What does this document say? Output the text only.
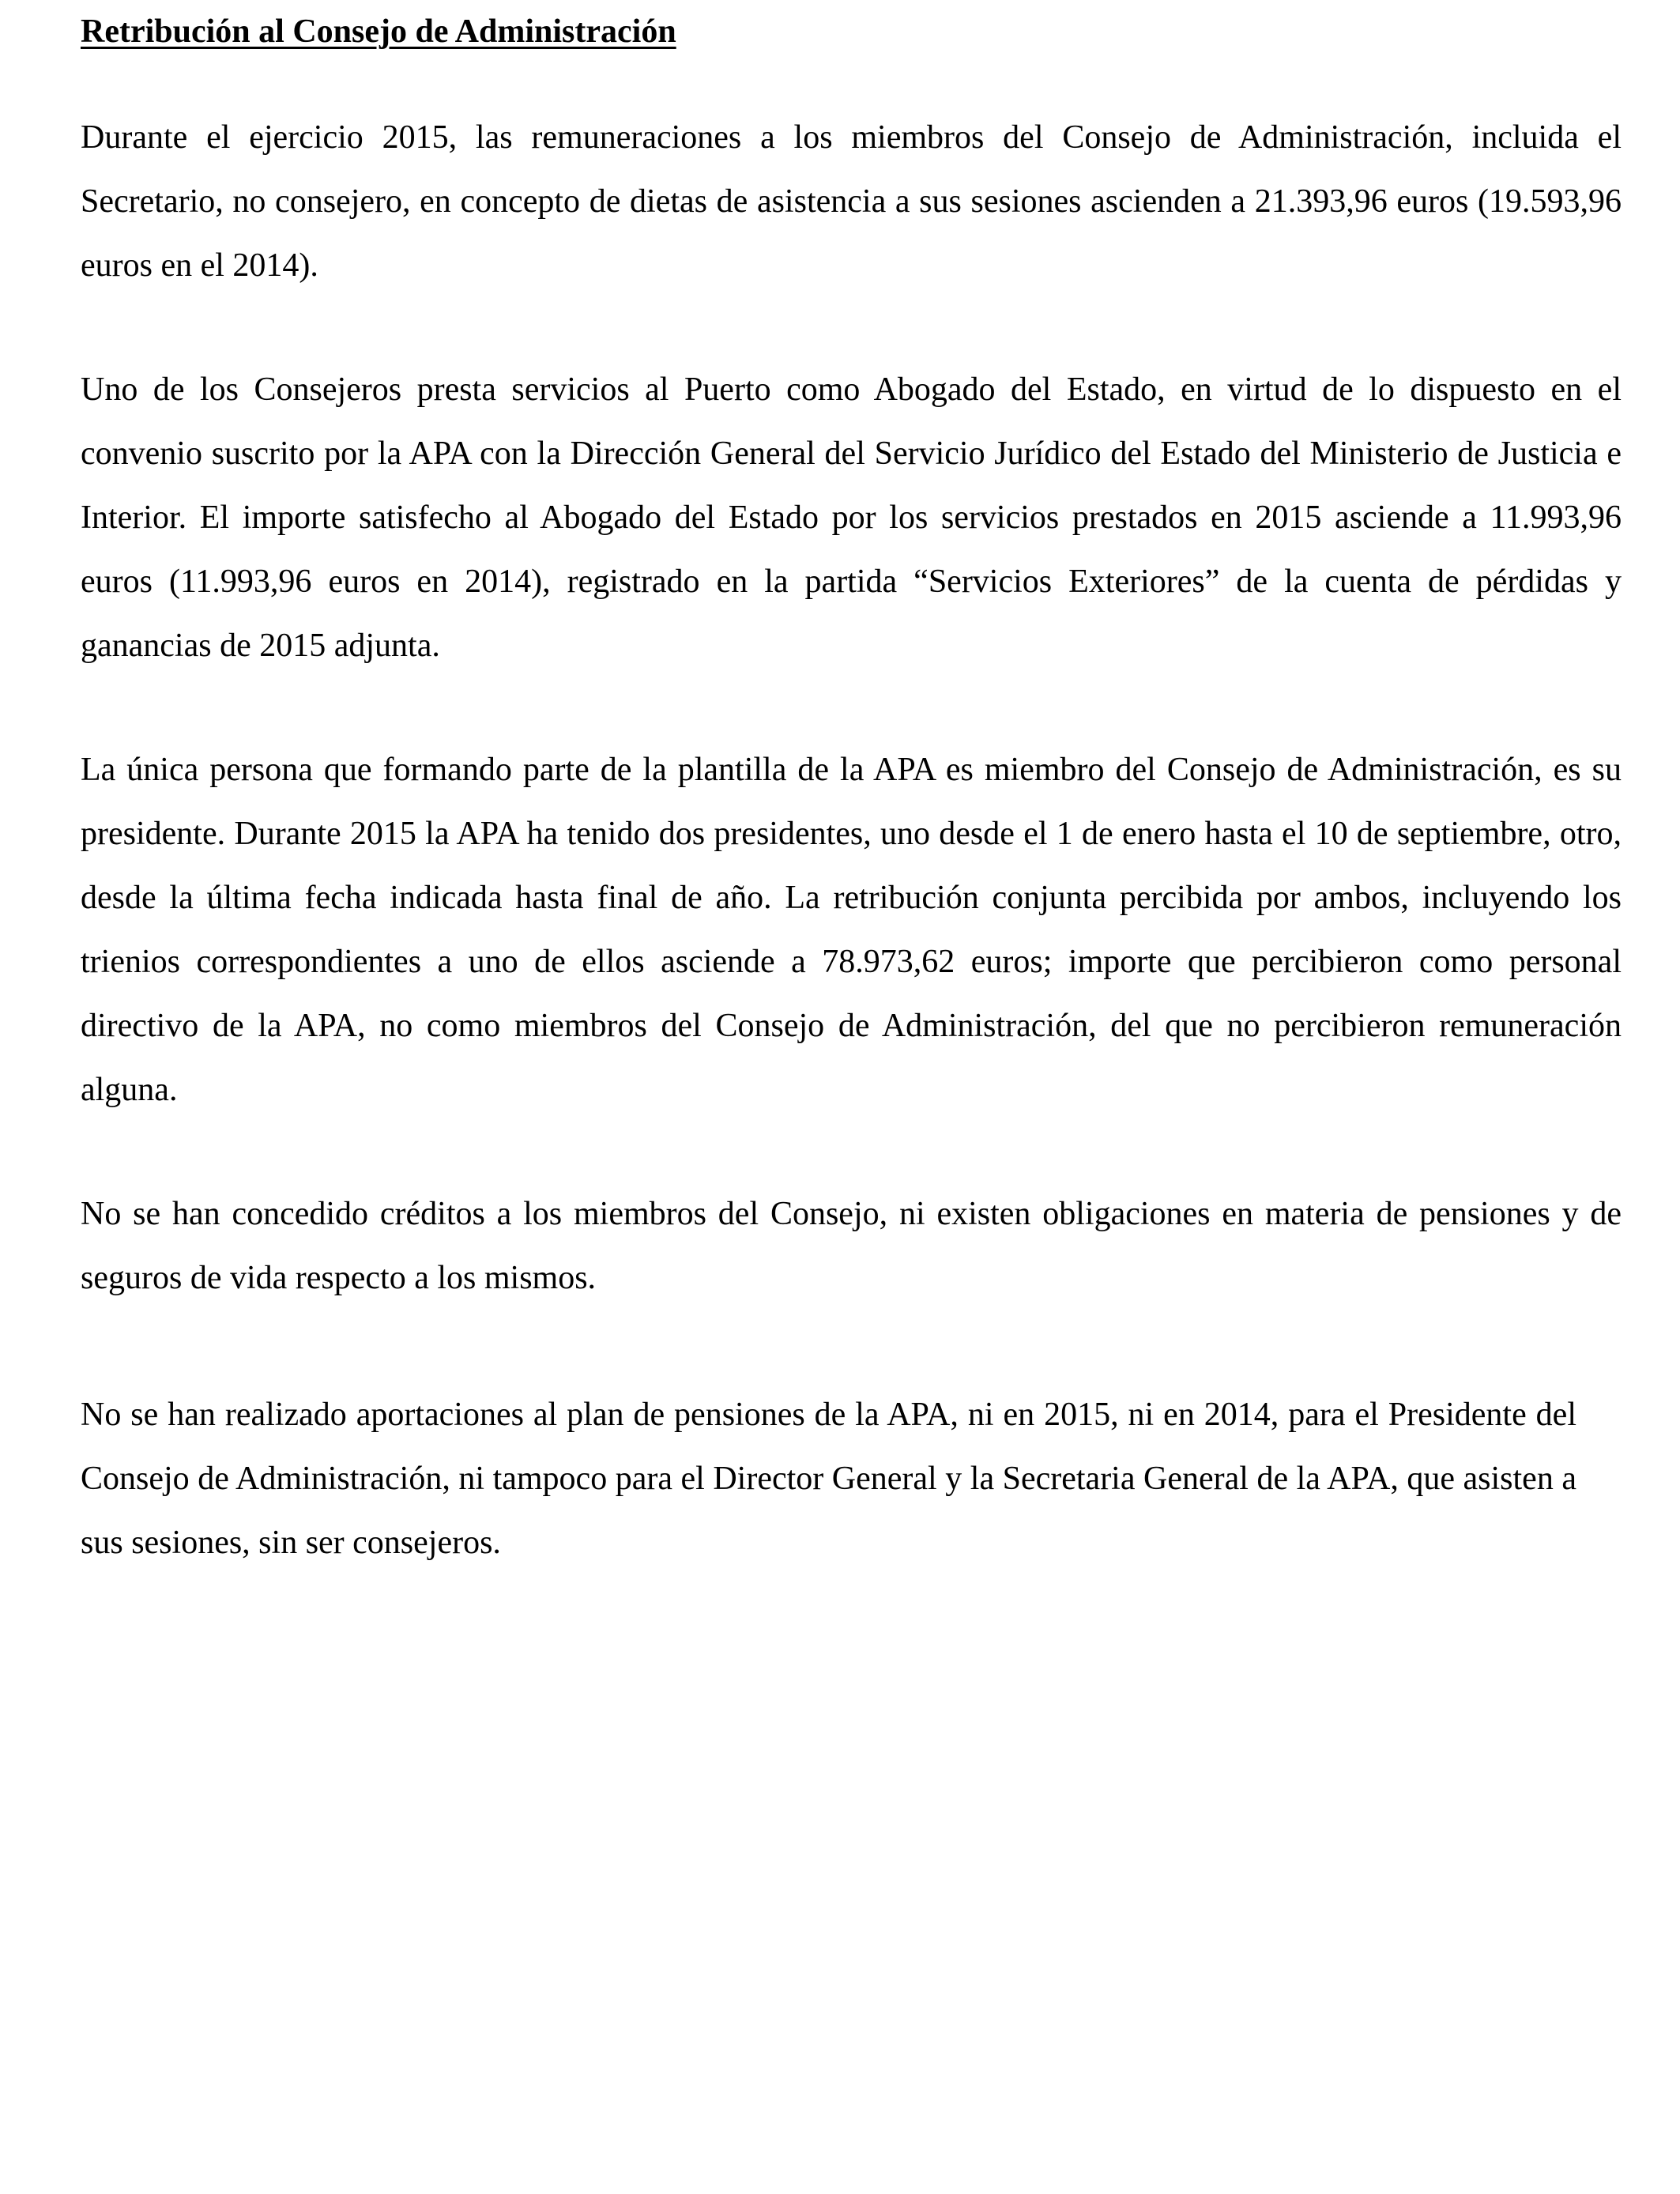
Retribución al Consejo de Administración

Durante el ejercicio 2015, las remuneraciones a los miembros del Consejo de Administración, incluida el Secretario, no consejero, en concepto de dietas de asistencia a sus sesiones ascienden a 21.393,96 euros (19.593,96 euros en el 2014).

Uno de los Consejeros presta servicios al Puerto como Abogado del Estado, en virtud de lo dispuesto en el convenio suscrito por la APA con la Dirección General del Servicio Jurídico del Estado del Ministerio de Justicia e Interior. El importe satisfecho al Abogado del Estado por los servicios prestados en 2015 asciende a 11.993,96 euros (11.993,96 euros en 2014), registrado en la partida “Servicios Exteriores” de la cuenta de pérdidas y ganancias de 2015 adjunta.

La única persona que formando parte de la plantilla de la APA es miembro del Consejo de Administración, es su presidente. Durante 2015 la APA ha tenido dos presidentes, uno desde el 1 de enero hasta el 10 de septiembre, otro, desde la última fecha indicada hasta final de año. La retribución conjunta percibida por ambos, incluyendo los trienios correspondientes a uno de ellos asciende a 78.973,62 euros; importe que percibieron como personal directivo de la APA, no como miembros del Consejo de Administración, del que no percibieron remuneración alguna.

No se han concedido créditos a los miembros del Consejo, ni existen obligaciones en materia de pensiones y de seguros de vida respecto a los mismos.

No se han realizado aportaciones al plan de pensiones de la APA, ni en 2015, ni en 2014, para el Presidente del Consejo de Administración, ni tampoco para el Director General y la Secretaria General de la APA, que asisten a sus sesiones, sin ser consejeros.
